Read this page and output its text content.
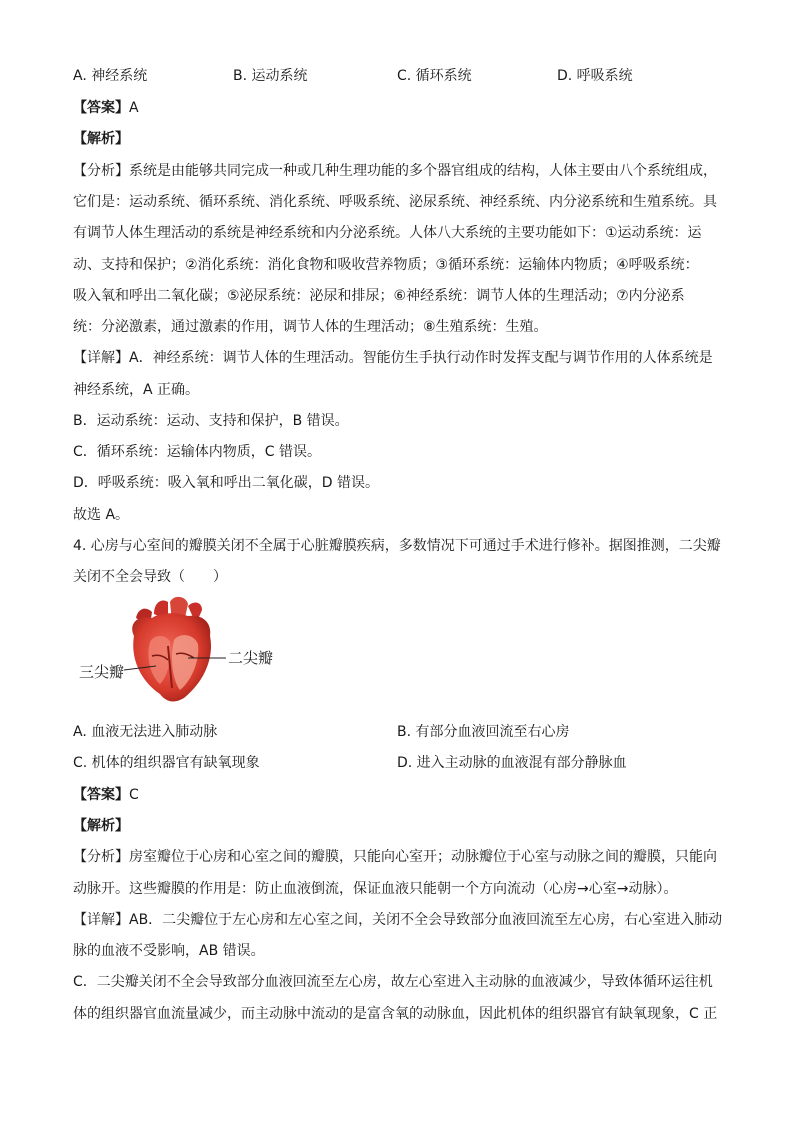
A. 神经系统	B. 运动系统	C. 循环系统	D. 呼吸系统
【答案】A
【解析】
【分析】系统是由能够共同完成一种或几种生理功能的多个器官组成的结构，人体主要由八个系统组成，
它们是：运动系统、循环系统、消化系统、呼吸系统、泌尿系统、神经系统、内分泌系统和生殖系统。具
有调节人体生理活动的系统是神经系统和内分泌系统。人体八大系统的主要功能如下：①运动系统：运
动、支持和保护；②消化系统：消化食物和吸收营养物质；③循环系统：运输体内物质；④呼吸系统：
吸入氧和呼出二氧化碳；⑤泌尿系统：泌尿和排尿；⑥神经系统：调节人体的生理活动；⑦内分泌系
统：分泌激素，通过激素的作用，调节人体的生理活动；⑧生殖系统：生殖。
【详解】A．神经系统：调节人体的生理活动。智能仿生手执行动作时发挥支配与调节作用的人体系统是
神经系统，A 正确。
B．运动系统：运动、支持和保护，B 错误。
C．循环系统：运输体内物质，C 错误。
D．呼吸系统：吸入氧和呼出二氧化碳，D 错误。
故选 A。
4. 心房与心室间的瓣膜关闭不全属于心脏瓣膜疾病，多数情况下可通过手术进行修补。据图推测，二尖瓣
关闭不全会导致（　　）
二尖瓣
三尖瓣
A. 血液无法进入肺动脉	B. 有部分血液回流至右心房
C. 机体的组织器官有缺氧现象	D. 进入主动脉的血液混有部分静脉血
【答案】C
【解析】
【分析】房室瓣位于心房和心室之间的瓣膜，只能向心室开；动脉瓣位于心室与动脉之间的瓣膜，只能向
动脉开。这些瓣膜的作用是：防止血液倒流，保证血液只能朝一个方向流动（心房→心室→动脉）。
【详解】AB．二尖瓣位于左心房和左心室之间，关闭不全会导致部分血液回流至左心房，右心室进入肺动
脉的血液不受影响，AB 错误。
C．二尖瓣关闭不全会导致部分血液回流至左心房，故左心室进入主动脉的血液减少，导致体循环运往机
体的组织器官血流量减少，而主动脉中流动的是富含氧的动脉血，因此机体的组织器官有缺氧现象，C 正
